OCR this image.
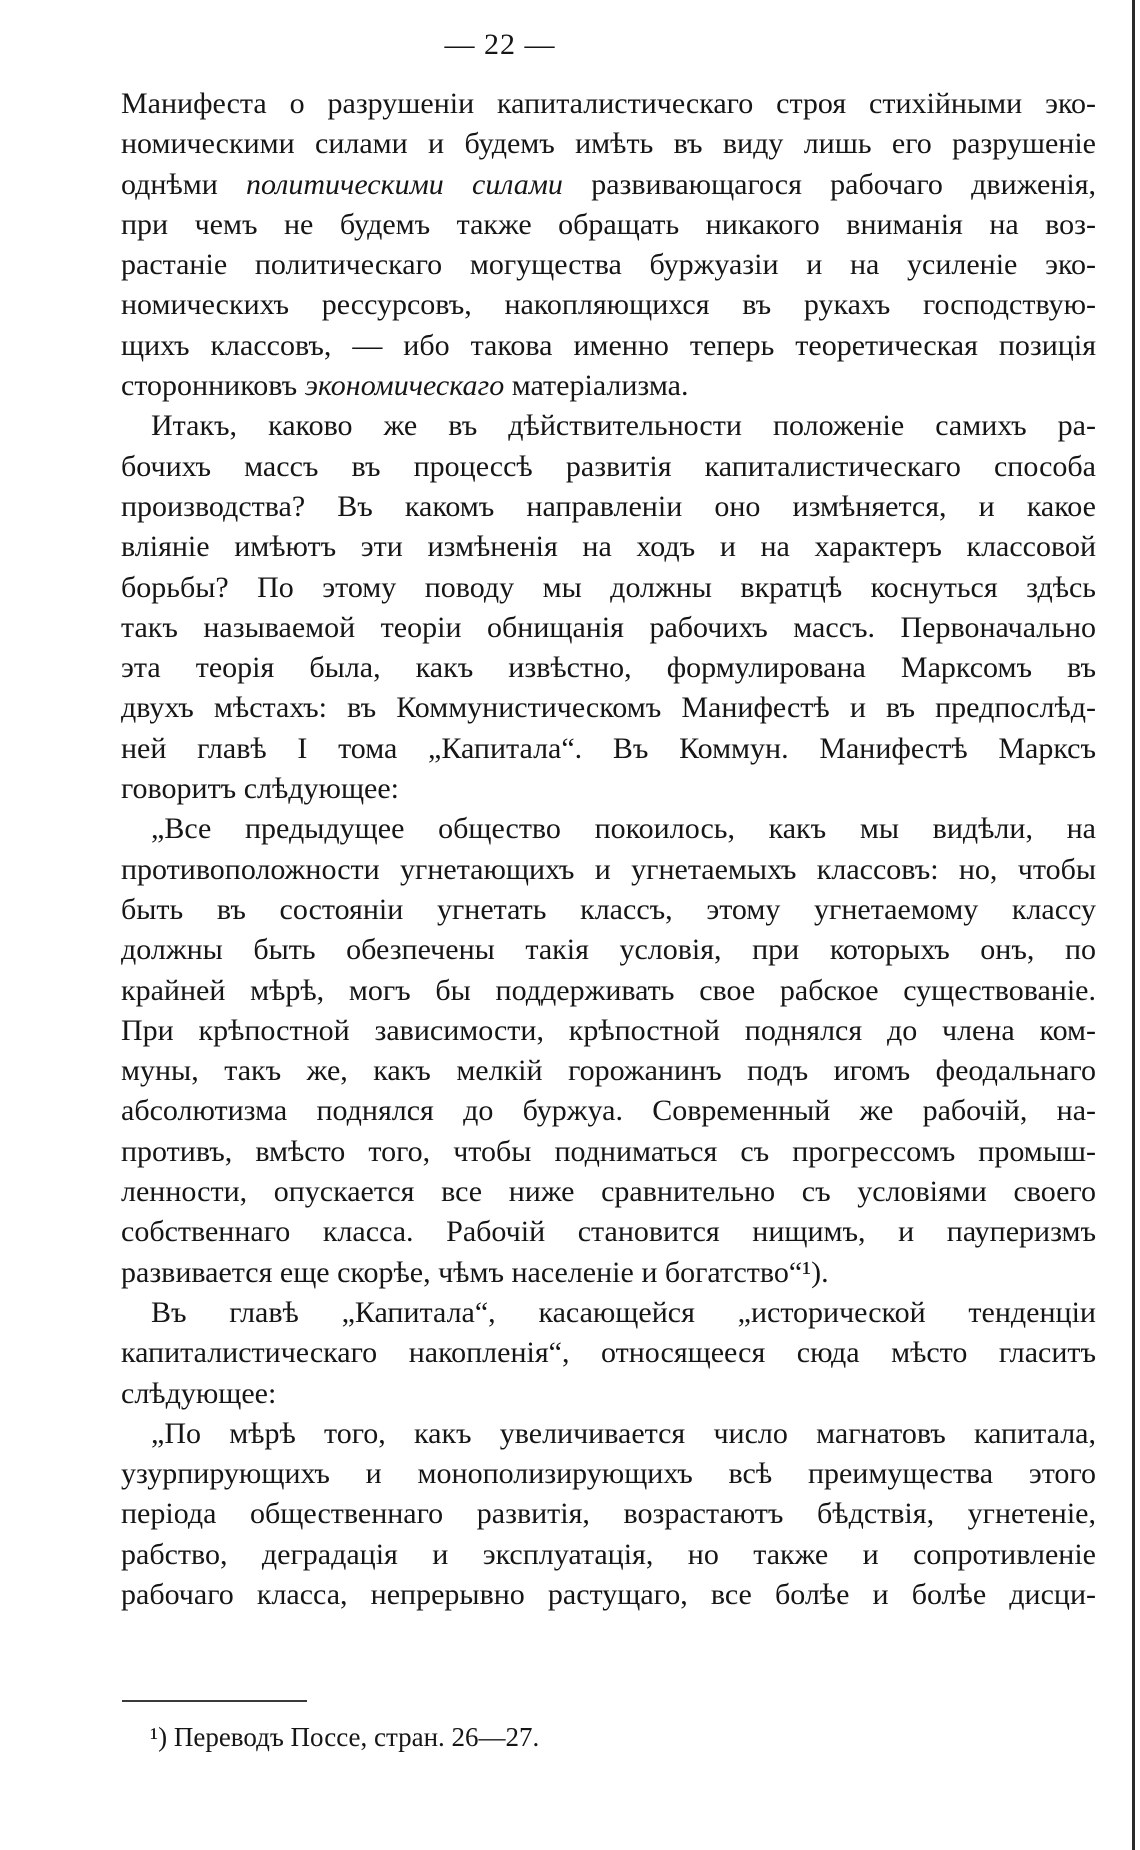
— 22 —
Манифеста о разрушеніи капиталистическаго строя стихійными эко-
номическими силами и будемъ имѣть въ виду лишь его разрушеніе
однѣми политическими силами развивающагося рабочаго движенія,
при чемъ не будемъ также обращать никакого вниманія на воз-
растаніе политическаго могущества буржуазіи и на усиленіе эко-
номическихъ рессурсовъ, накопляющихся въ рукахъ господствую-
щихъ классовъ, — ибо такова именно теперь теоретическая позиція
сторонниковъ экономическаго матеріализма.
Итакъ, каково же въ дѣйствительности положеніе самихъ ра-
бочихъ массъ въ процессѣ развитія капиталистическаго способа
производства? Въ какомъ направленіи оно измѣняется, и какое
вліяніе имѣютъ эти измѣненія на ходъ и на характеръ классовой
борьбы? По этому поводу мы должны вкратцѣ коснуться здѣсь
такъ называемой теоріи обнищанія рабочихъ массъ. Первоначально
эта теорія была, какъ извѣстно, формулирована Марксомъ въ
двухъ мѣстахъ: въ Коммунистическомъ Манифестѣ и въ предпослѣд-
ней главѣ I тома „Капитала“. Въ Коммун. Манифестѣ Марксъ
говоритъ слѣдующее:
„Все предыдущее общество покоилось, какъ мы видѣли, на
противоположности угнетающихъ и угнетаемыхъ классовъ: но, чтобы
быть въ состояніи угнетать классъ, этому угнетаемому классу
должны быть обезпечены такія условія, при которыхъ онъ, по
крайней мѣрѣ, могъ бы поддерживать свое рабское существованіе.
При крѣпостной зависимости, крѣпостной поднялся до члена ком-
муны, такъ же, какъ мелкій горожанинъ подъ игомъ феодальнаго
абсолютизма поднялся до буржуа. Современный же рабочій, на-
противъ, вмѣсто того, чтобы подниматься съ прогрессомъ промыш-
ленности, опускается все ниже сравнительно съ условіями своего
собственнаго класса. Рабочій становится нищимъ, и пауперизмъ
развивается еще скорѣе, чѣмъ населеніе и богатство“¹).
Въ главѣ „Капитала“, касающейся „исторической тенденціи
капиталистическаго накопленія“, относящееся сюда мѣсто гласитъ
слѣдующее:
„По мѣрѣ того, какъ увеличивается число магнатовъ капитала,
узурпирующихъ и монополизирующихъ всѣ преимущества этого
періода общественнаго развитія, возрастаютъ бѣдствія, угнетеніе,
рабство, деградація и эксплуатація, но также и сопротивленіе
рабочаго класса, непрерывно растущаго, все болѣе и болѣе дисци-
¹) Переводъ Поссе, стран. 26—27.
